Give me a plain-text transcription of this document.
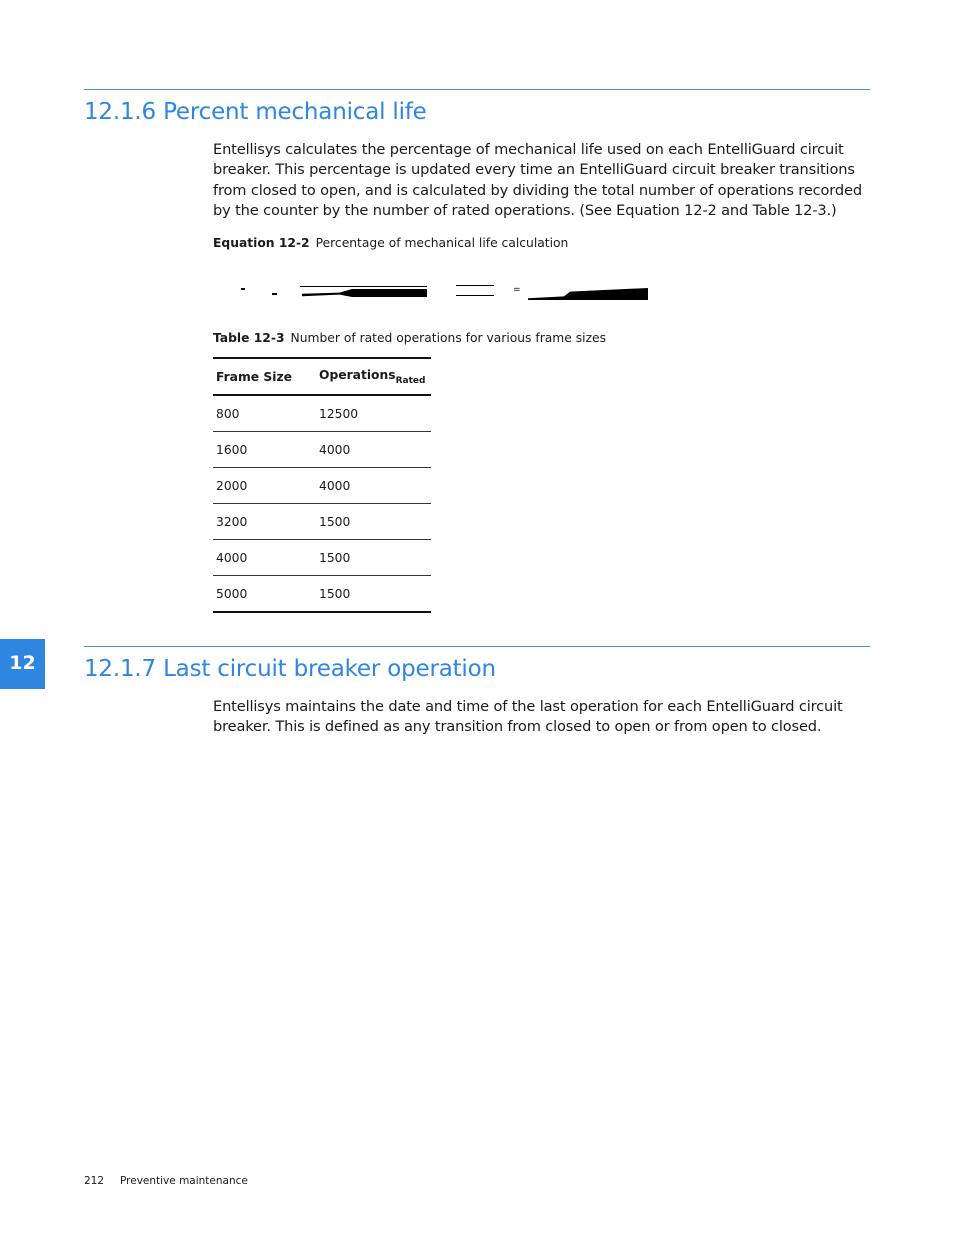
12.1.6 Percent mechanical life

Entellisys calculates the percentage of mechanical life used on each EntelliGuard circuit breaker. This percentage is updated every time an EntelliGuard circuit breaker transitions from closed to open, and is calculated by dividing the total number of operations recorded by the counter by the number of rated operations. (See Equation 12-2 and Table 12-3.)

Equation 12-2 Percentage of mechanical life calculation
=
Table 12-3 Number of rated operations for various frame sizes
Frame Size	Operations$_{Rated}$
800	12500
1600	4000
2000	4000
3200	1500
4000	1500
5000	1500
12	12.1.7 Last circuit breaker operation

Entellisys maintains the date and time of the last operation for each EntelliGuard circuit breaker. This is defined as any transition from closed to open or from open to closed.

212 Preventive maintenance
